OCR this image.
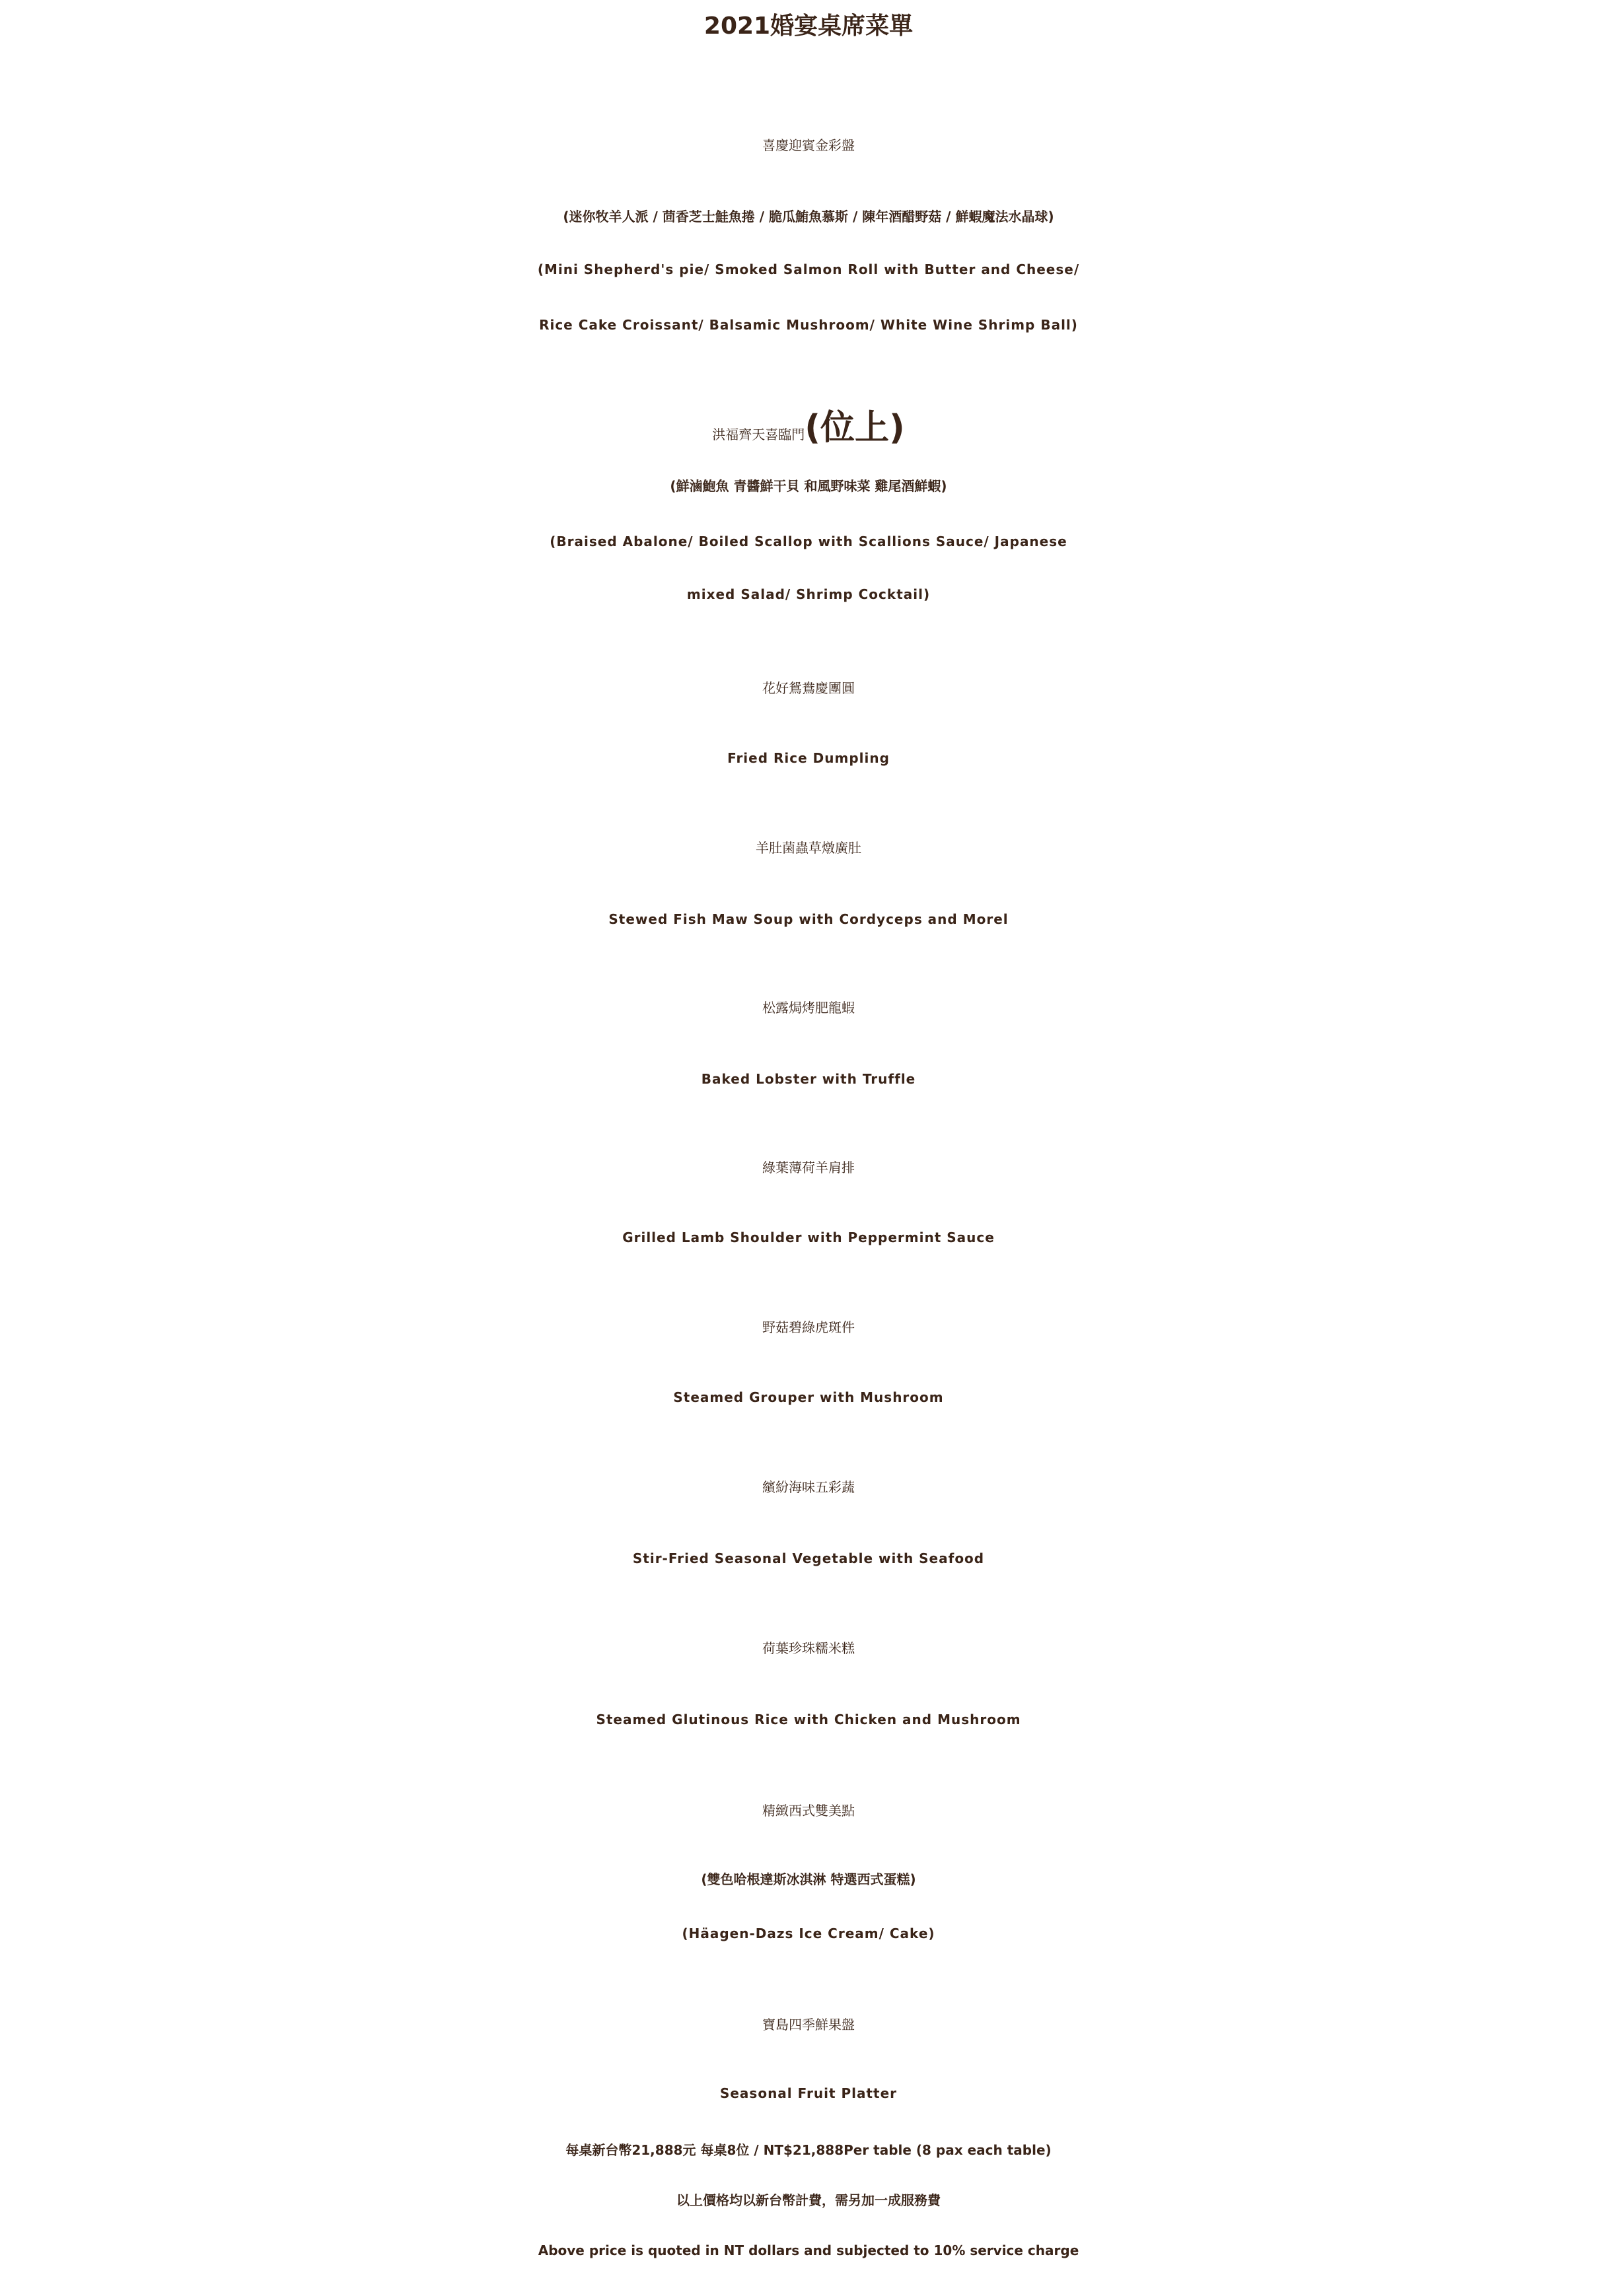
2021婚宴桌席菜單
喜慶迎賓金彩盤
(迷你牧羊人派 / 茴香芝士鮭魚捲 / 脆瓜鮪魚慕斯 / 陳年酒醋野菇 / 鮮蝦魔法水晶球)
(Mini Shepherd's pie/ Smoked Salmon Roll with Butter and Cheese/
Rice Cake Croissant/ Balsamic Mushroom/ White Wine Shrimp Ball)
洪福齊天喜臨門(位上)
(鮮滷鮑魚 青醬鮮干貝 和風野味菜 雞尾酒鮮蝦)
(Braised Abalone/ Boiled Scallop with Scallions Sauce/ Japanese
mixed Salad/ Shrimp Cocktail)
花好鴛鴦慶團圓
Fried Rice Dumpling
羊肚菌蟲草燉廣肚
Stewed Fish Maw Soup with Cordyceps and Morel
松露焗烤肥龍蝦
Baked Lobster with Truffle
綠葉薄荷羊肩排
Grilled Lamb Shoulder with Peppermint Sauce
野菇碧綠虎斑件
Steamed Grouper with Mushroom
繽紛海味五彩蔬
Stir-Fried Seasonal Vegetable with Seafood
荷葉珍珠糯米糕
Steamed Glutinous Rice with Chicken and Mushroom
精緻西式雙美點
(雙色哈根達斯冰淇淋 特選西式蛋糕)
(Häagen-Dazs Ice Cream/ Cake)
寶島四季鮮果盤
Seasonal Fruit Platter
每桌新台幣21,888元 每桌8位 / NT$21,888Per table (8 pax each table)
以上價格均以新台幣計費，需另加一成服務費
Above price is quoted in NT dollars and subjected to 10% service charge
